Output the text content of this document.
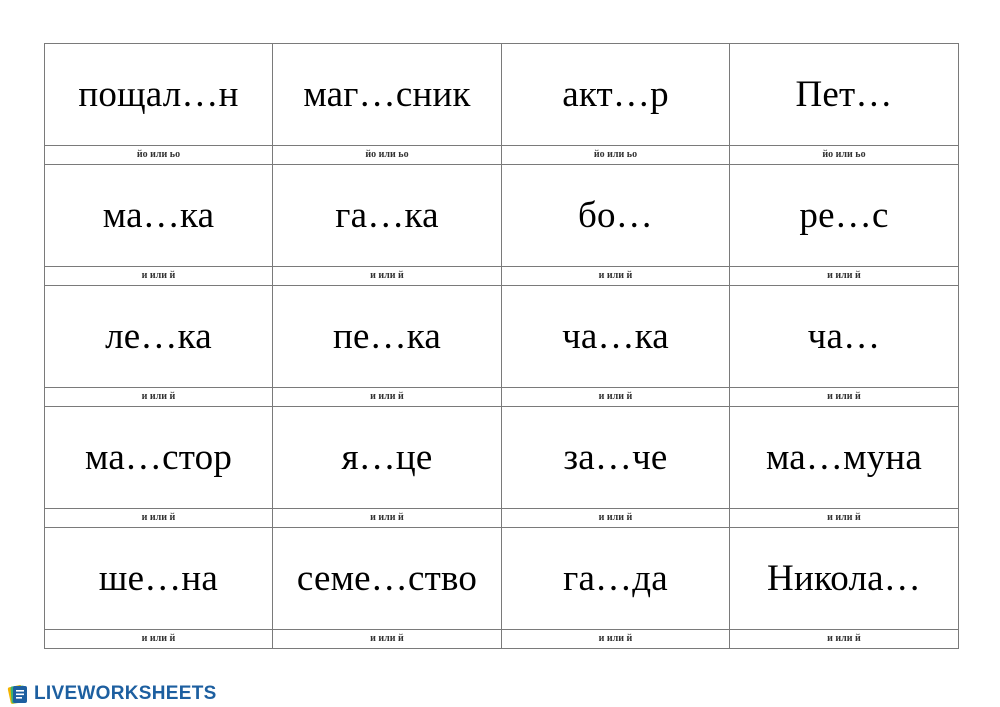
пощал…н	маг…сник	акт…р	Пет…
йо или ьо	йо или ьо	йо или ьо	йо или ьо
ма…ка	га…ка	бо…	ре…с
и или й	и или й	и или й	и или й
ле…ка	пе…ка	ча…ка	ча…
и или й	и или й	и или й	и или й
ма…стор	я…це	за…че	ма…муна
и или й	и или й	и или й	и или й
ше…на	семе…ство	га…да	Никола…
и или й	и или й	и или й	и или й
LIVEWORKSHEETS
